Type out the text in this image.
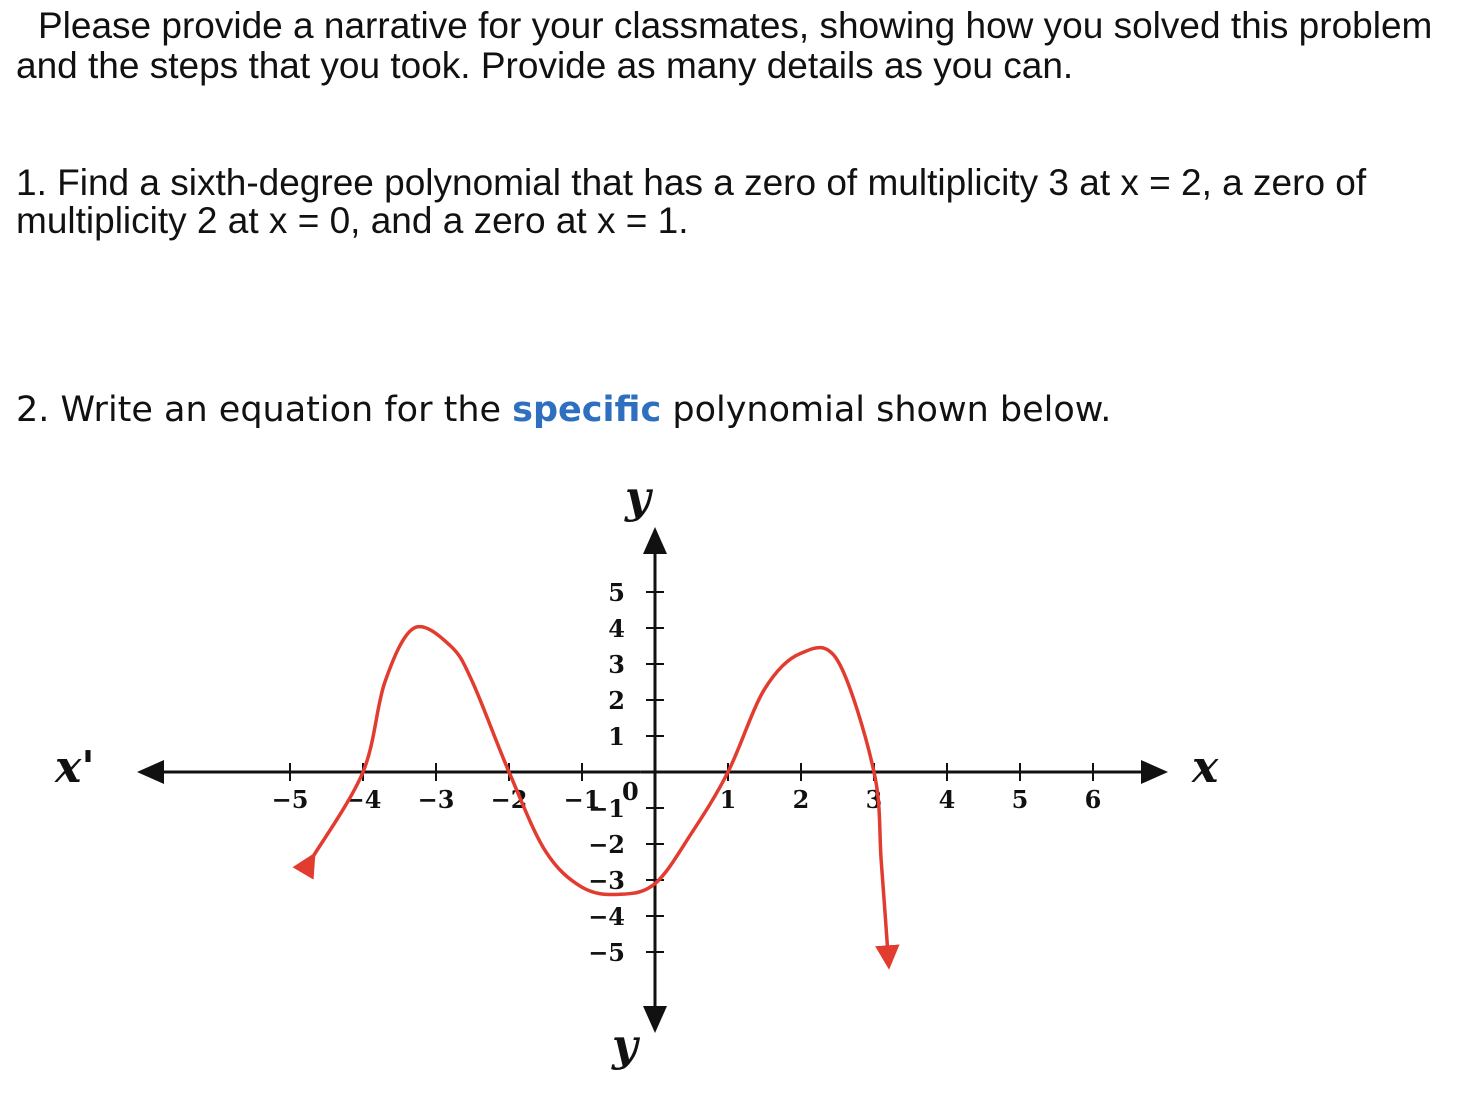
Please provide a narrative for your classmates, showing how you solved this problem and the steps that you took. Provide as many details as you can.

1. Find a sixth-degree polynomial that has a zero of multiplicity 3 at x = 2, a zero of multiplicity 2 at x = 0, and a zero at x = 1.

2. Write an equation for the specific polynomial shown below.

−5 −4 −3 −2 −1	1 2 3 4 5 6
−5
−4
−3
−2
−1
1
2
3
4
5
x
x'
y
y
0
